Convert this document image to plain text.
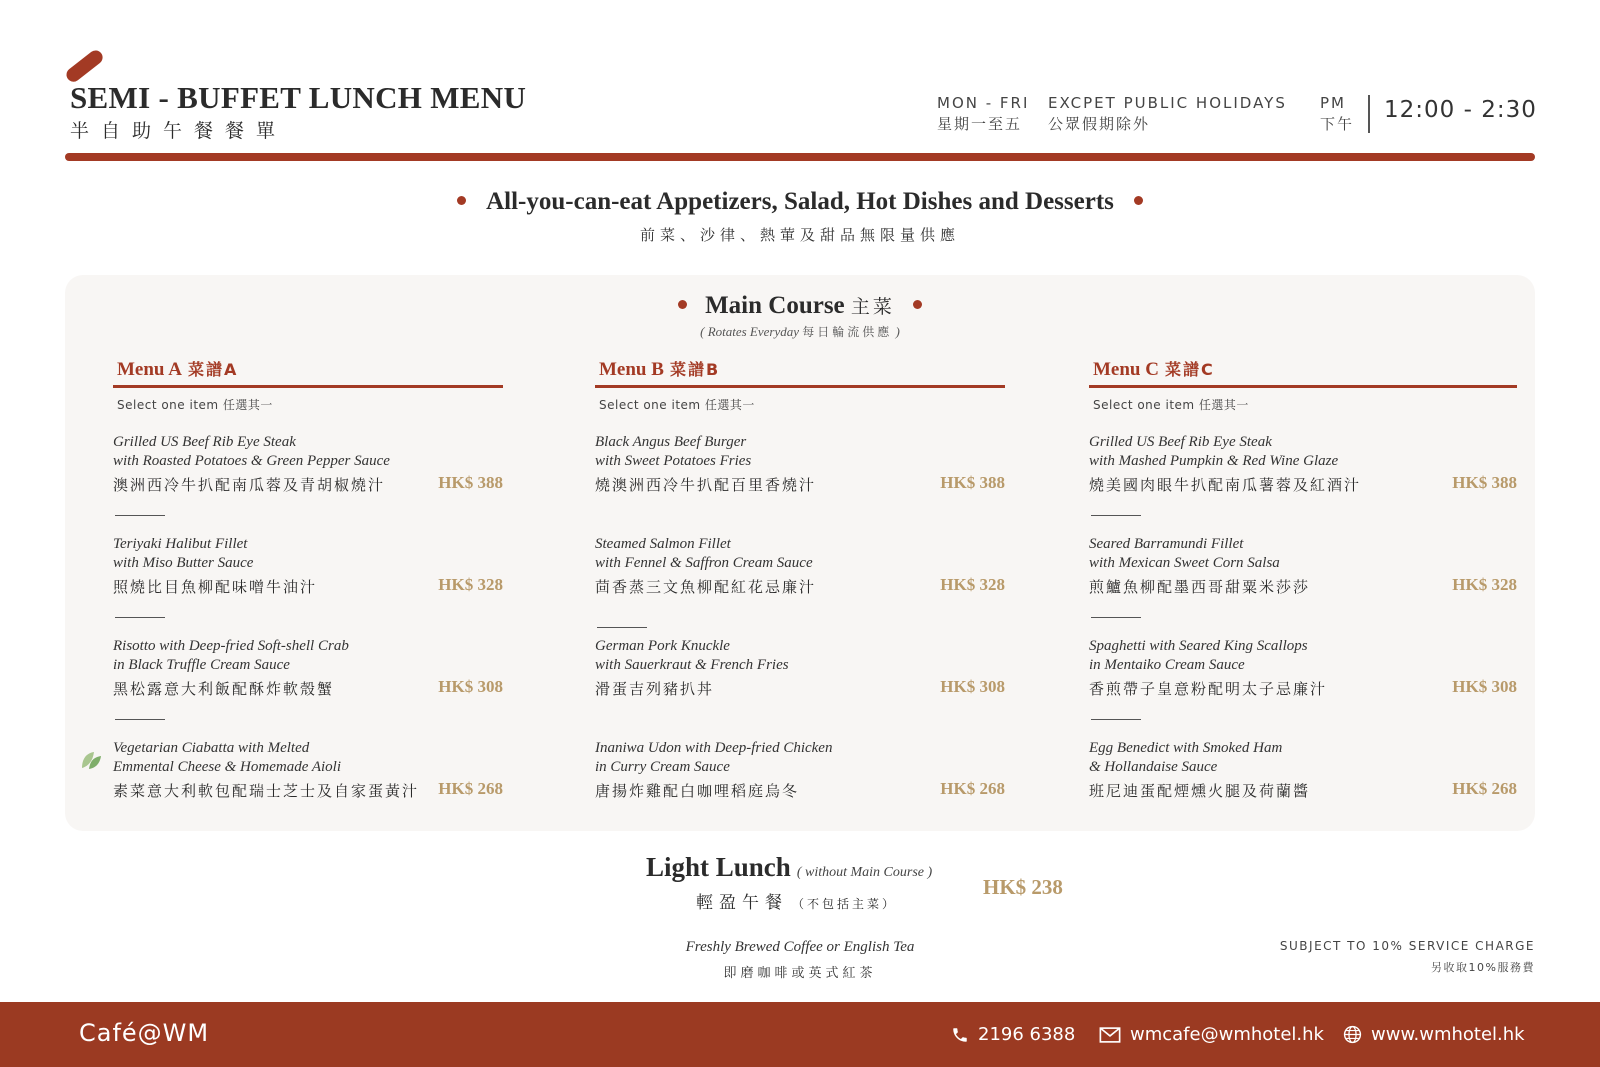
SEMI - BUFFET LUNCH MENU
半自助午餐餐單
MON - FRI
星期一至五
EXCPET PUBLIC HOLIDAYS
公眾假期除外
PM
下午
12:00 - 2:30
All-you-can-eat Appetizers, Salad, Hot Dishes and Desserts
前菜、沙律、熱葷及甜品無限量供應
Main Course 主菜
( Rotates Everyday 每日輪流供應 )
Menu A 菜譜A
Select one item 任選其一
Grilled US Beef Rib Eye Steak
with Roasted Potatoes & Green Pepper Sauce
澳洲西冷牛扒配南瓜蓉及青胡椒燒汁	HK$ 388
Teriyaki Halibut Fillet
with Miso Butter Sauce
照燒比目魚柳配味噌牛油汁	HK$ 328
Risotto with Deep-fried Soft-shell Crab
in Black Truffle Cream Sauce
黑松露意大利飯配酥炸軟殼蟹	HK$ 308
Vegetarian Ciabatta with Melted
Emmental Cheese & Homemade Aioli
素菜意大利軟包配瑞士芝士及自家蛋黃汁	HK$ 268
Menu B 菜譜B
Select one item 任選其一
Black Angus Beef Burger
with Sweet Potatoes Fries
燒澳洲西冷牛扒配百里香燒汁	HK$ 388
Steamed Salmon Fillet
with Fennel & Saffron Cream Sauce
茴香蒸三文魚柳配紅花忌廉汁	HK$ 328
German Pork Knuckle
with Sauerkraut & French Fries
滑蛋吉列豬扒丼	HK$ 308
Inaniwa Udon with Deep-fried Chicken
in Curry Cream Sauce
唐揚炸雞配白咖哩稻庭烏冬	HK$ 268
Menu C 菜譜C
Select one item 任選其一
Grilled US Beef Rib Eye Steak
with Mashed Pumpkin & Red Wine Glaze
燒美國肉眼牛扒配南瓜薯蓉及紅酒汁	HK$ 388
Seared Barramundi Fillet
with Mexican Sweet Corn Salsa
煎鱸魚柳配墨西哥甜粟米莎莎	HK$ 328
Spaghetti with Seared King Scallops
in Mentaiko Cream Sauce
香煎帶子皇意粉配明太子忌廉汁	HK$ 308
Egg Benedict with Smoked Ham
& Hollandaise Sauce
班尼迪蛋配煙燻火腿及荷蘭醬	HK$ 268
Light Lunch ( without Main Course )
輕盈午餐 （不包括主菜）
HK$ 238
Freshly Brewed Coffee or English Tea
即磨咖啡或英式紅茶
SUBJECT TO 10% SERVICE CHARGE
另收取10%服務費
Café@WM	2196 6388	wmcafe@wmhotel.hk	www.wmhotel.hk
